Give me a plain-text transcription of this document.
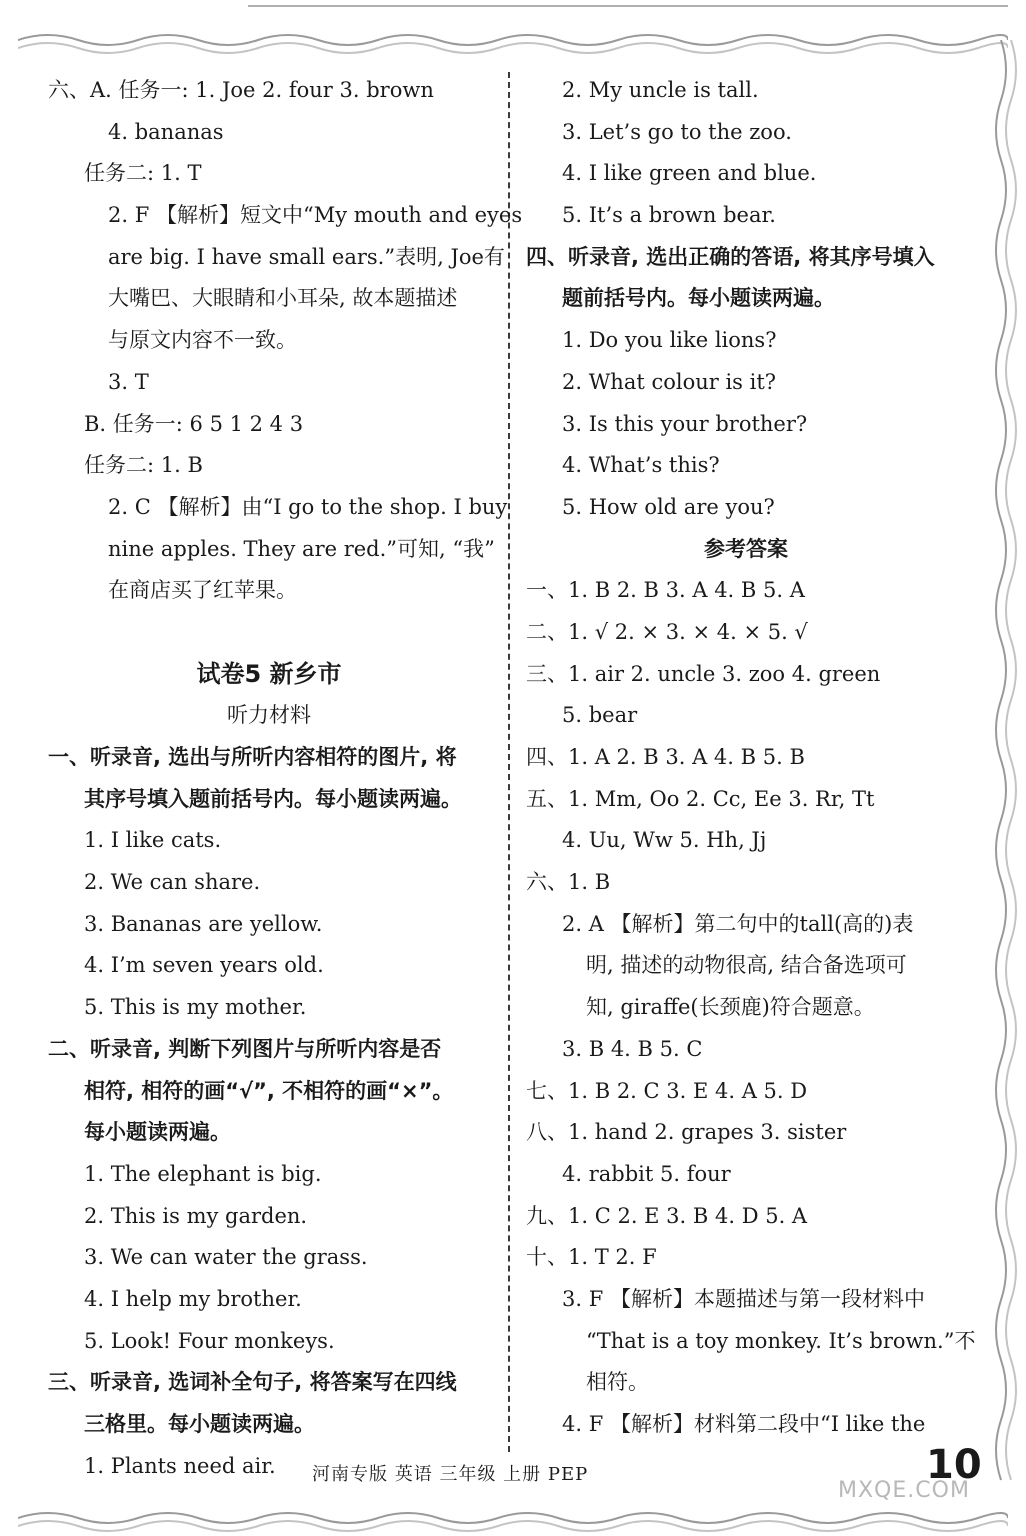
六、A. 任务一: 1. Joe 2. four 3. brown
4. bananas
任务二: 1. T
2. F 【解析】短文中“My mouth and eyes
are big. I have small ears.”表明, Joe有
大嘴巴、大眼睛和小耳朵, 故本题描述
与原文内容不一致。
3. T
B. 任务一: 6 5 1 2 4 3
任务二: 1. B
2. C 【解析】由“I go to the shop. I buy
nine apples. They are red.”可知, “我”
在商店买了红苹果。
试卷5 新乡市
听力材料
一、听录音, 选出与所听内容相符的图片, 将
其序号填入题前括号内。每小题读两遍。
1. I like cats.
2. We can share.
3. Bananas are yellow.
4. I’m seven years old.
5. This is my mother.
二、听录音, 判断下列图片与所听内容是否
相符, 相符的画“√”, 不相符的画“×”。
每小题读两遍。
1. The elephant is big.
2. This is my garden.
3. We can water the grass.
4. I help my brother.
5. Look! Four monkeys.
三、听录音, 选词补全句子, 将答案写在四线
三格里。每小题读两遍。
1. Plants need air.
2. My uncle is tall.
3. Let’s go to the zoo.
4. I like green and blue.
5. It’s a brown bear.
四、听录音, 选出正确的答语, 将其序号填入
题前括号内。每小题读两遍。
1. Do you like lions?
2. What colour is it?
3. Is this your brother?
4. What’s this?
5. How old are you?
参考答案
一、1. B 2. B 3. A 4. B 5. A
二、1. √ 2. × 3. × 4. × 5. √
三、1. air 2. uncle 3. zoo 4. green
5. bear
四、1. A 2. B 3. A 4. B 5. B
五、1. Mm, Oo 2. Cc, Ee 3. Rr, Tt
4. Uu, Ww 5. Hh, Jj
六、1. B
2. A 【解析】第二句中的tall(高的)表
明, 描述的动物很高, 结合备选项可
知, giraffe(长颈鹿)符合题意。
3. B 4. B 5. C
七、1. B 2. C 3. E 4. A 5. D
八、1. hand 2. grapes 3. sister
4. rabbit 5. four
九、1. C 2. E 3. B 4. D 5. A
十、1. T 2. F
3. F 【解析】本题描述与第一段材料中
“That is a toy monkey. It’s brown.”不
相符。
4. F 【解析】材料第二段中“I like the
河南专版 英语 三年级 上册 PEP	10
MXQE.COM
